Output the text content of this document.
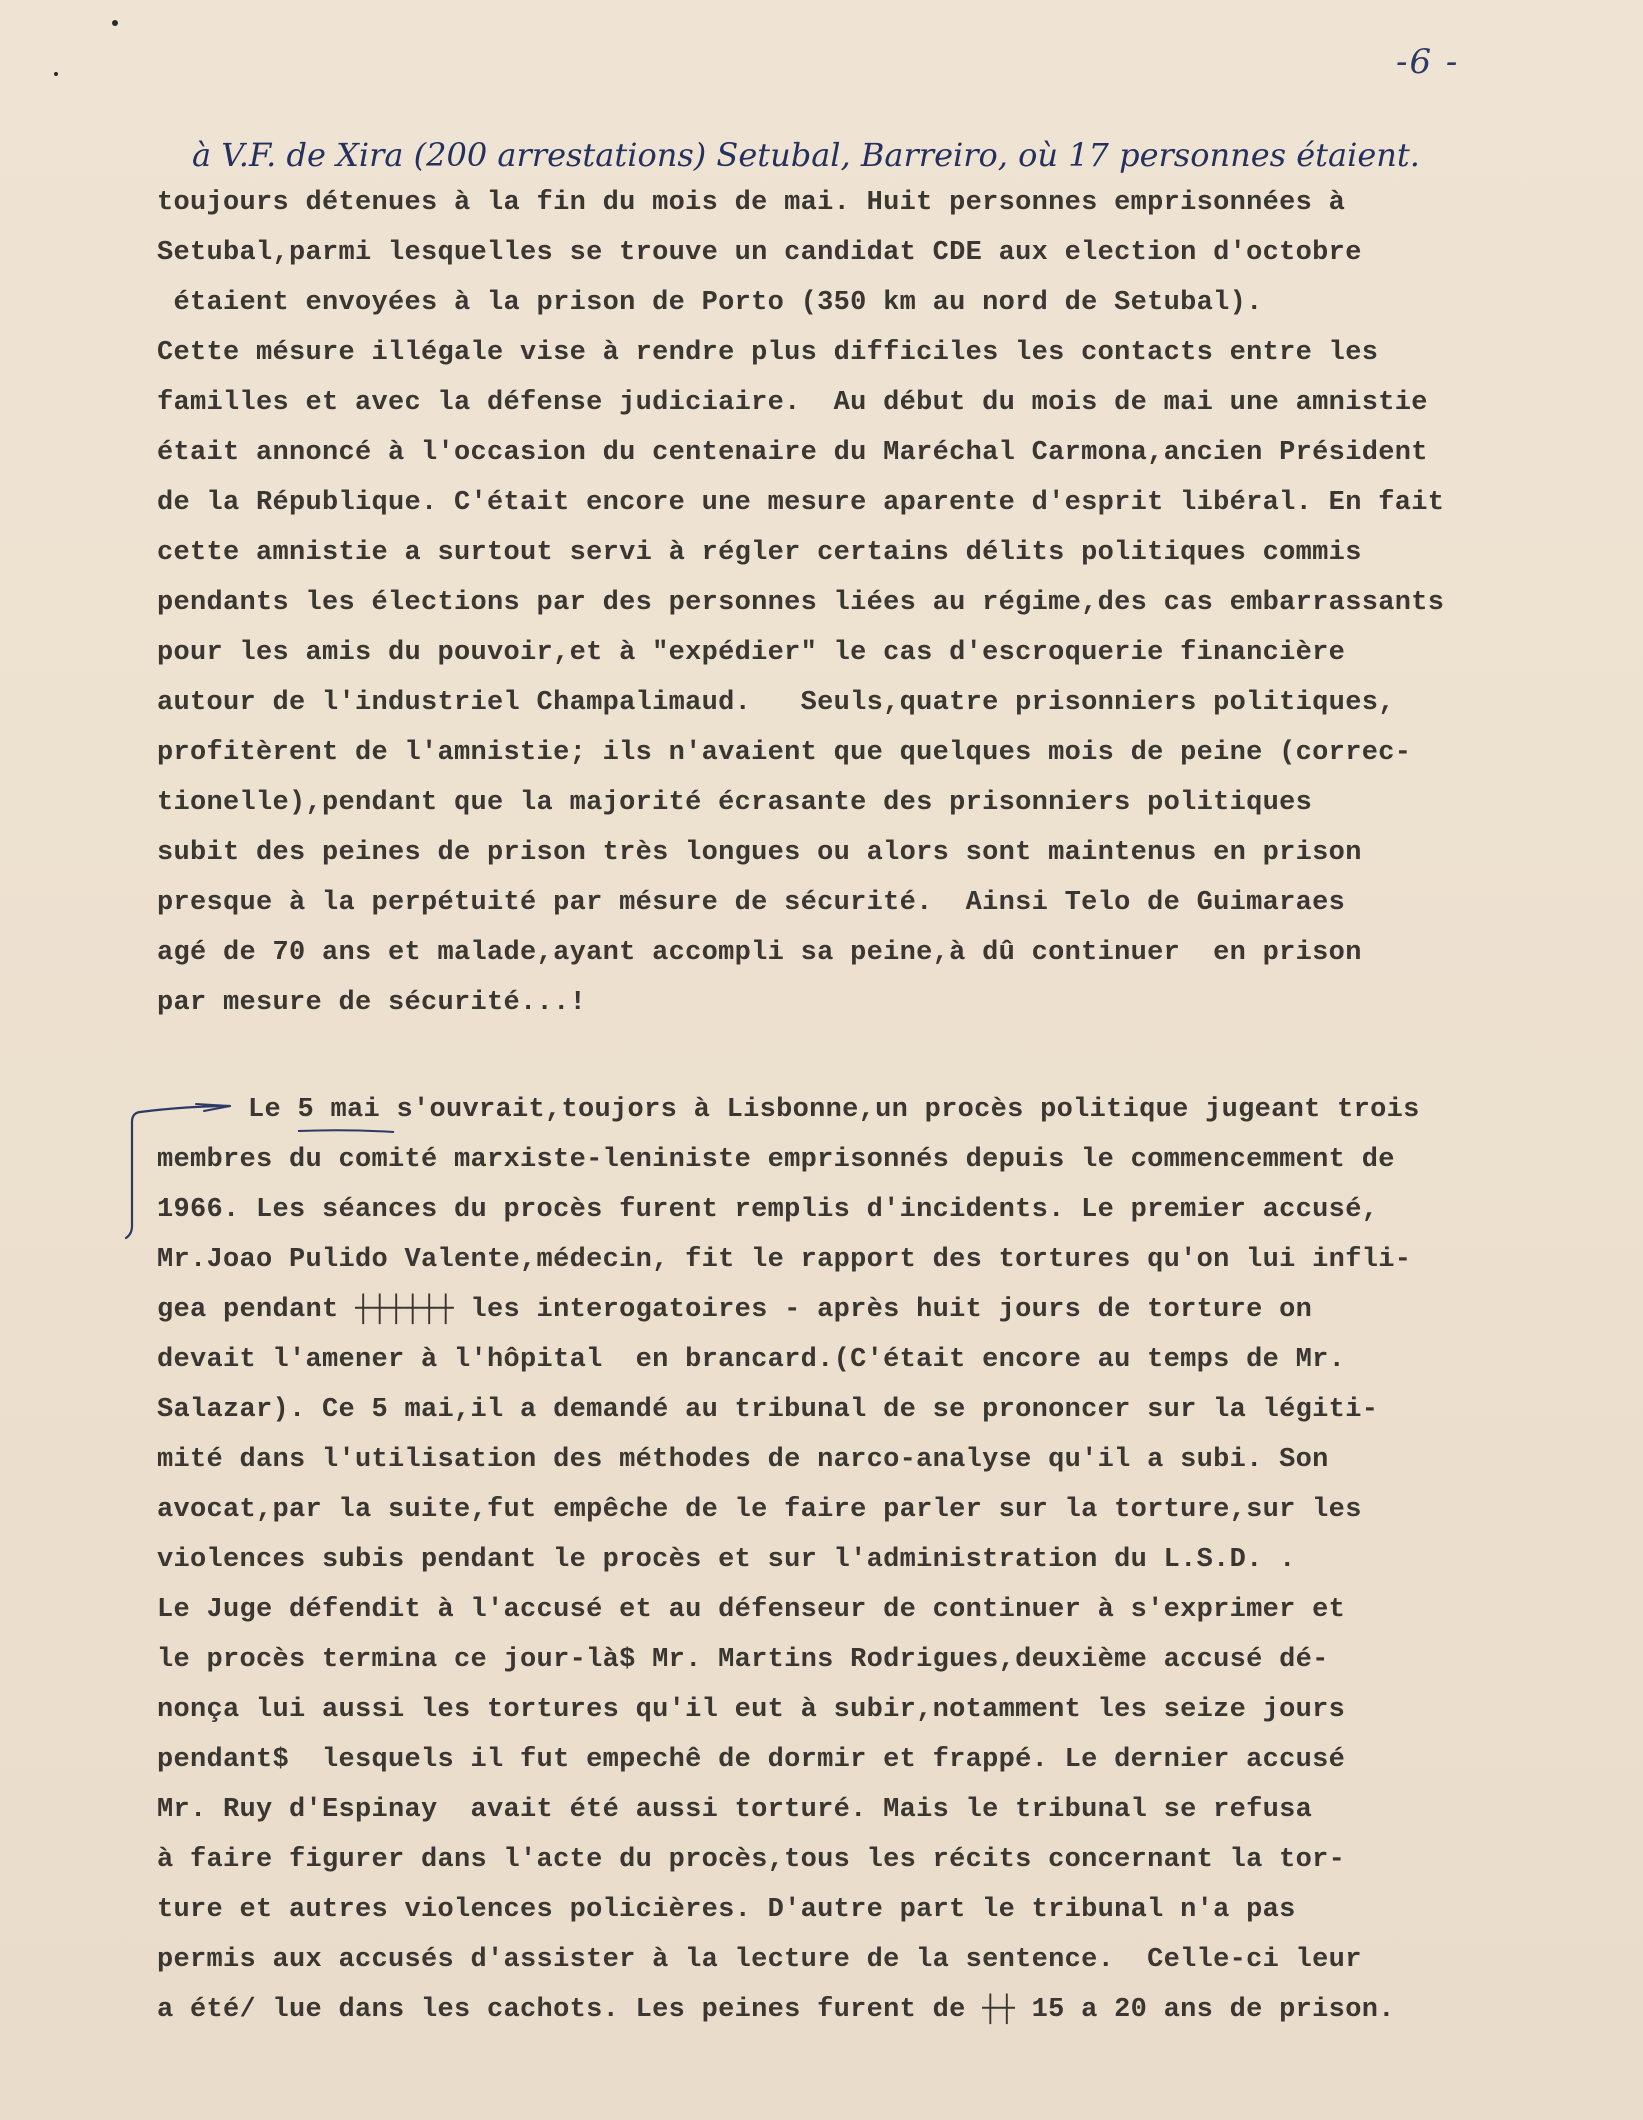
-6 -
à V.F. de Xira (200 arrestations) Setubal, Barreiro, où 17 personnes étaient.
toujours détenues à la fin du mois de mai. Huit personnes emprisonnées à
Setubal,parmi lesquelles se trouve un candidat CDE aux election d'octobre
étaient envoyées à la prison de Porto (350 km au nord de Setubal).
Cette mésure illégale vise à rendre plus difficiles les contacts entre les
familles et avec la défense judiciaire.  Au début du mois de mai une amnistie
était annoncé à l'occasion du centenaire du Maréchal Carmona,ancien Président
de la République. C'était encore une mesure aparente d'esprit libéral. En fait
cette amnistie a surtout servi à régler certains délits politiques commis
pendants les élections par des personnes liées au régime,des cas embarrassants
pour les amis du pouvoir,et à "expédier" le cas d'escroquerie financière
autour de l'industriel Champalimaud.   Seuls,quatre prisonniers politiques,
profitèrent de l'amnistie; ils n'avaient que quelques mois de peine (correc-
tionelle),pendant que la majorité écrasante des prisonniers politiques
subit des peines de prison très longues ou alors sont maintenus en prison
presque à la perpétuité par mésure de sécurité.  Ainsi Telo de Guimaraes
agé de 70 ans et malade,ayant accompli sa peine,à dû continuer  en prison
par mesure de sécurité...!
Le 5 mai s'ouvrait,toujors à Lisbonne,un procès politique jugeant trois
membres du comité marxiste-leniniste emprisonnés depuis le commencemment de
1966. Les séances du procès furent remplis d'incidents. Le premier accusé,
Mr.Joao Pulido Valente,médecin, fit le rapport des tortures qu'on lui infli-
gea pendant ┼┼┼┼┼┼ les interogatoires - après huit jours de torture on
devait l'amener à l'hôpital  en brancard.(C'était encore au temps de Mr.
Salazar). Ce 5 mai,il a demandé au tribunal de se prononcer sur la légiti-
mité dans l'utilisation des méthodes de narco-analyse qu'il a subi. Son
avocat,par la suite,fut empêche de le faire parler sur la torture,sur les
violences subis pendant le procès et sur l'administration du L.S.D. .
Le Juge défendit à l'accusé et au défenseur de continuer à s'exprimer et
le procès termina ce jour-là$ Mr. Martins Rodrigues,deuxième accusé dé-
nonça lui aussi les tortures qu'il eut à subir,notamment les seize jours
pendant$  lesquels il fut empechê de dormir et frappé. Le dernier accusé
Mr. Ruy d'Espinay  avait été aussi torturé. Mais le tribunal se refusa
à faire figurer dans l'acte du procès,tous les récits concernant la tor-
ture et autres violences policières. D'autre part le tribunal n'a pas
permis aux accusés d'assister à la lecture de la sentence.  Celle-ci leur
a été/ lue dans les cachots. Les peines furent de ┼┼ 15 a 20 ans de prison.
